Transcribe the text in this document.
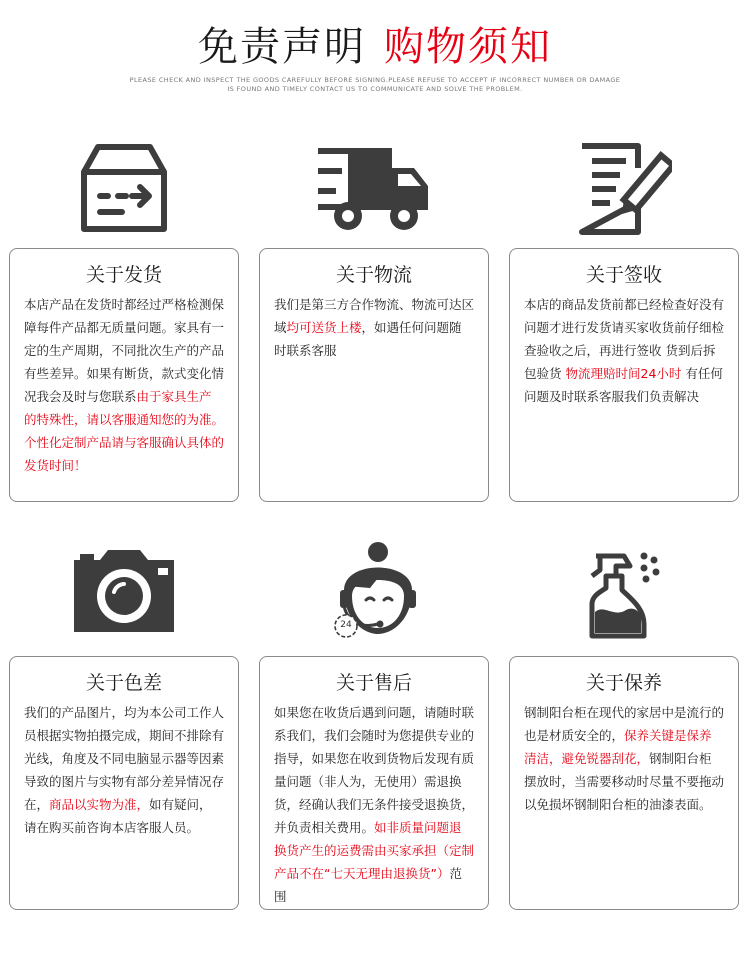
免责声明 购物须知
PLEASE CHECK AND INSPECT THE GOODS CAREFULLY BEFORE SIGNING.PLEASE REFUSE TO ACCEPT IF INCORRECT NUMBER OR DAMAGE
IS FOUND AND TIMELY CONTACT US TO COMMUNICATE AND SOLVE THE PROBLEM.
24
关于发货
本店产品在发货时都经过严格检测保障每件产品都无质量问题。家具有一定的生产周期，不同批次生产的产品有些差异。如果有断货，款式变化情况我会及时与您联系由于家具生产的特殊性，请以客服通知您的为准。个性化定制产品请与客服确认具体的发货时间！
关于物流
我们是第三方合作物流、物流可达区域均可送货上楼，如遇任何问题随时联系客服
关于签收
本店的商品发货前都已经检查好没有问题才进行发货请买家收货前仔细检查验收之后，再进行签收 货到后拆包验货 物流理赔时间24小时 有任何问题及时联系客服我们负责解决
关于色差
我们的产品图片，均为本公司工作人员根据实物拍摄完成，期间不排除有光线，角度及不同电脑显示器等因素导致的图片与实物有部分差异情况存在，商品以实物为准，如有疑问，请在购买前咨询本店客服人员。
关于售后
如果您在收货后遇到问题，请随时联系我们，我们会随时为您提供专业的指导，如果您在收到货物后发现有质量问题（非人为，无使用）需退换货，经确认我们无条件接受退换货，并负责相关费用。如非质量问题退换货产生的运费需由买家承担（定制产品不在“七天无理由退换货”）范围
关于保养
钢制阳台柜在现代的家居中是流行的也是材质安全的，保养关键是保养清洁，避免锐器刮花，钢制阳台柜摆放时，当需要移动时尽量不要拖动以免损坏钢制阳台柜的油漆表面。
